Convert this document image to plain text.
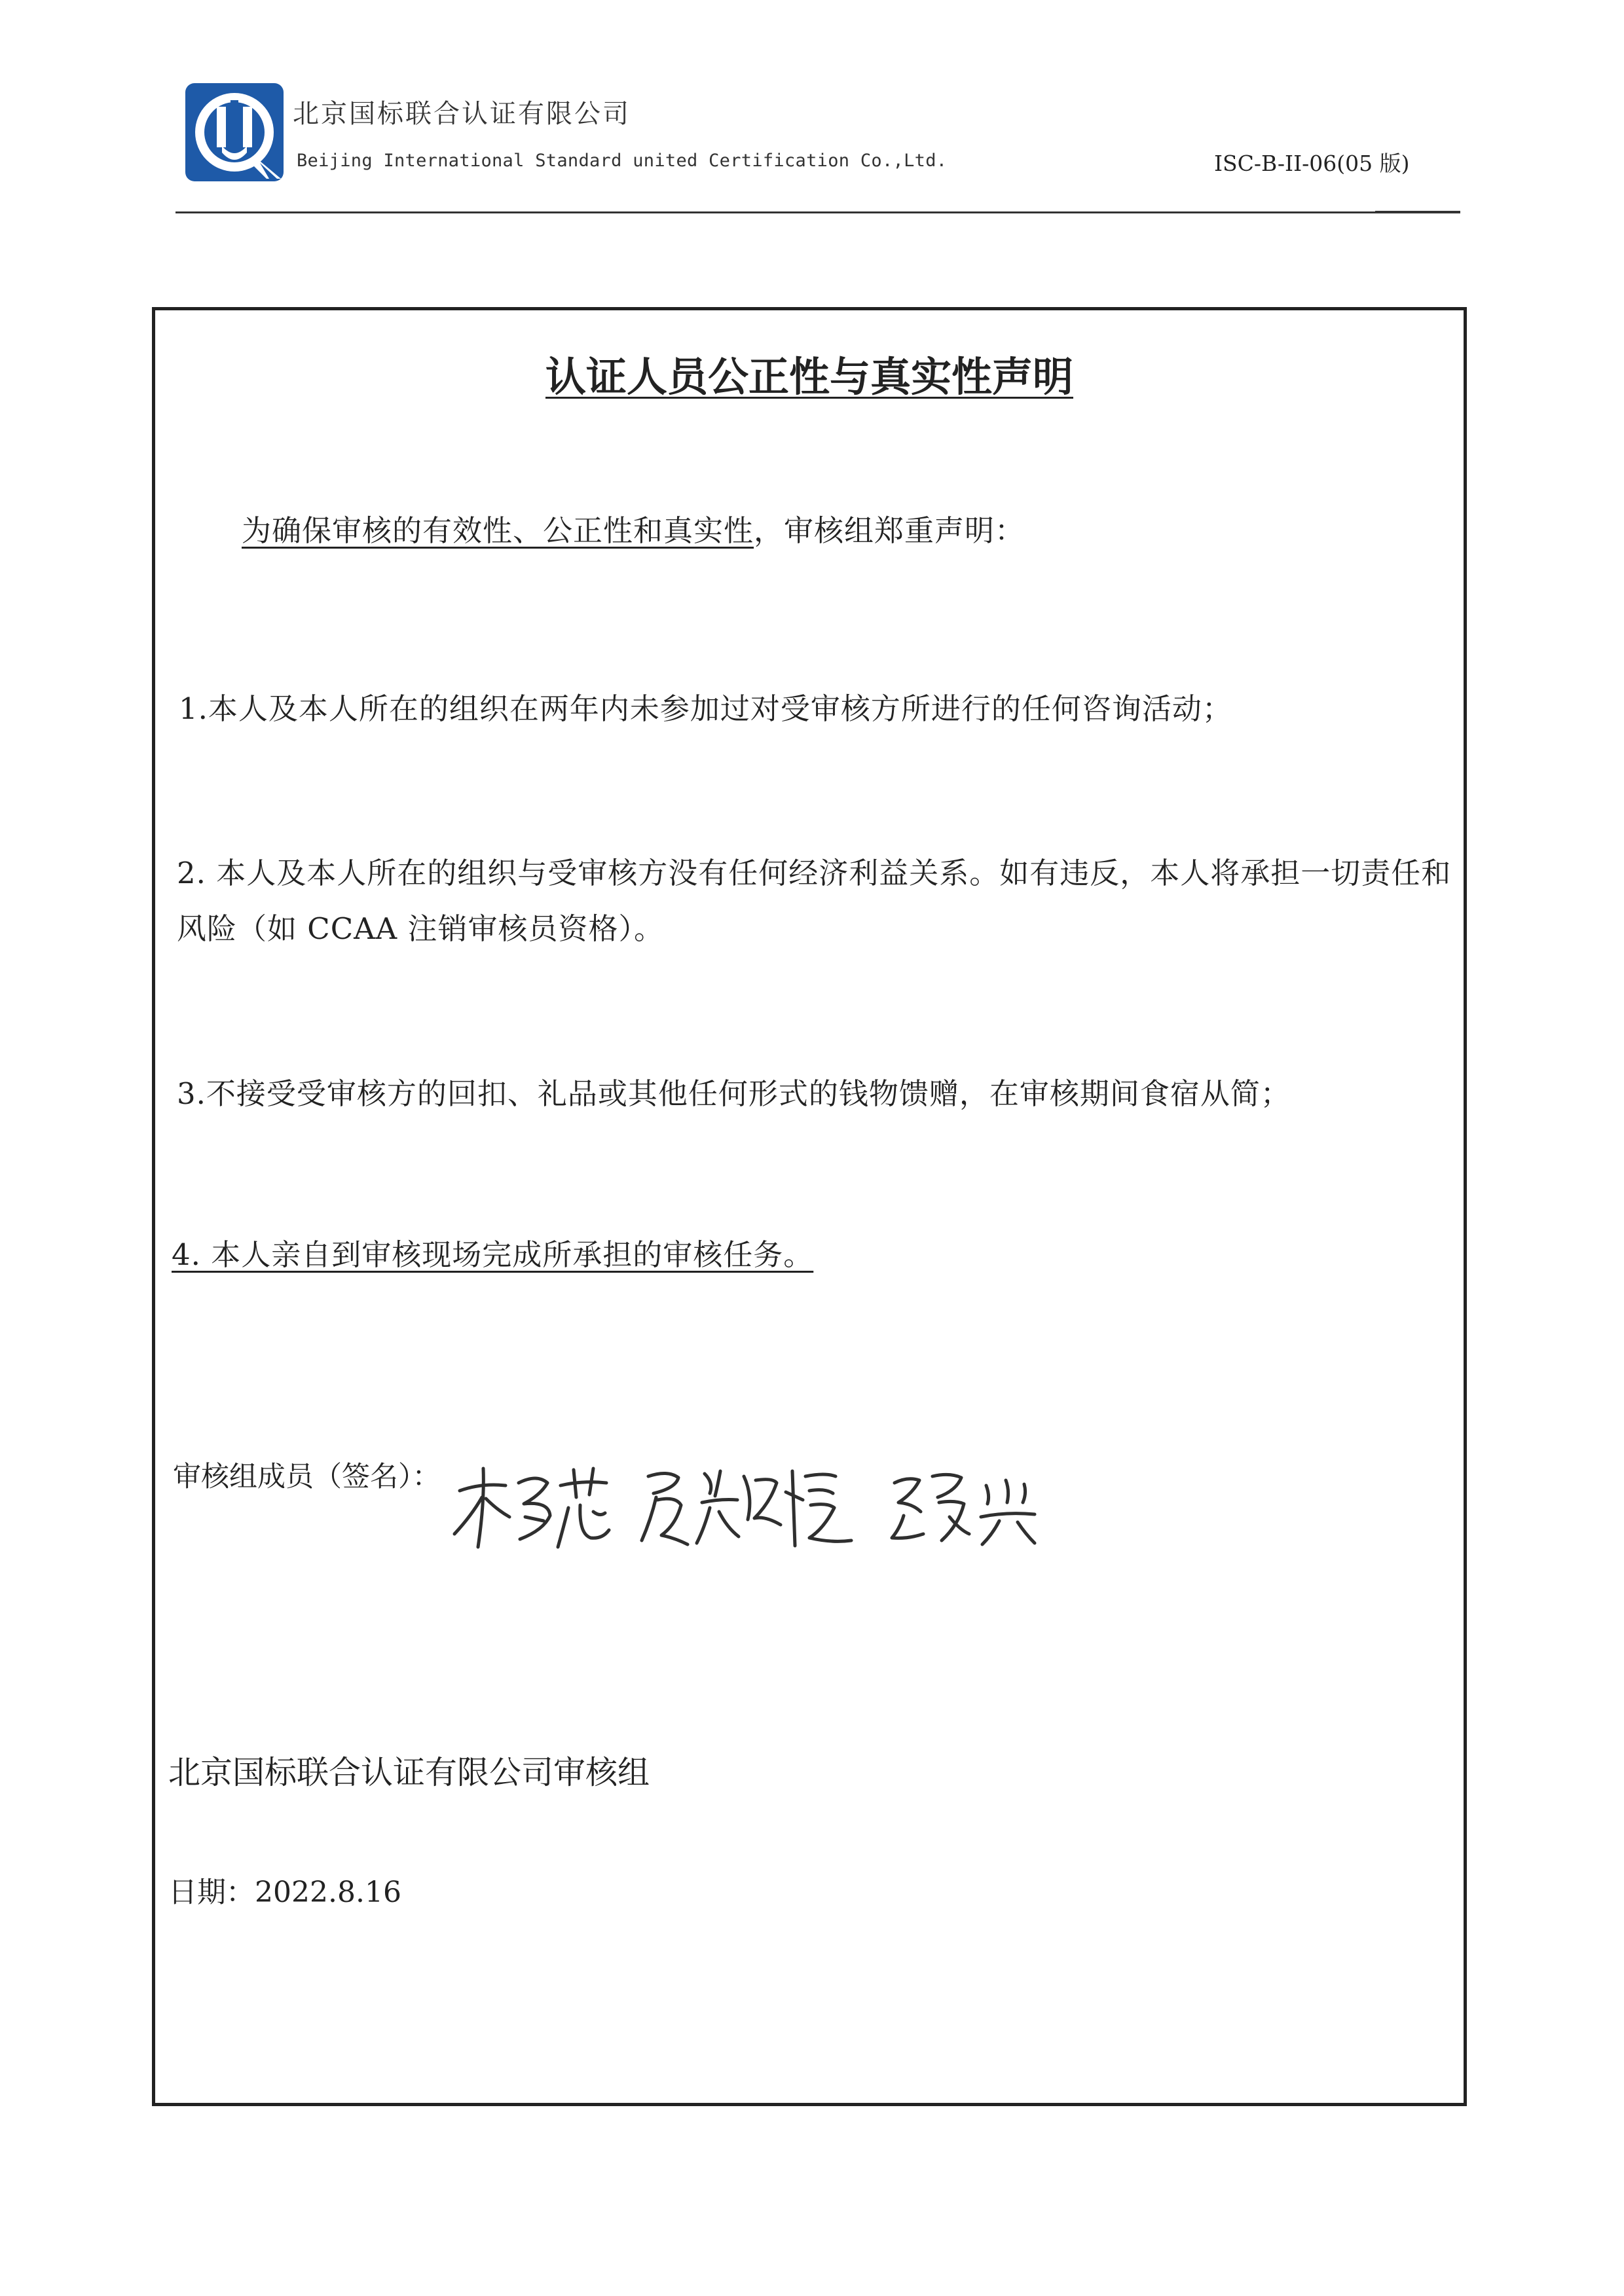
北京国标联合认证有限公司
Beijing International Standard united Certification Co.,Ltd.	ISC-B-II-06(05 版)
认证人员公正性与真实性声明
为确保审核的有效性、公正性和真实性，审核组郑重声明：
1.本人及本人所在的组织在两年内未参加过对受审核方所进行的任何咨询活动；
2. 本人及本人所在的组织与受审核方没有任何经济利益关系。如有违反，本人将承担一切责任和
风险（如 CCAA 注销审核员资格）。
3.不接受受审核方的回扣、礼品或其他任何形式的钱物馈赠，在审核期间食宿从简；
4. 本人亲自到审核现场完成所承担的审核任务。
审核组成员（签名）：
北京国标联合认证有限公司审核组
日期：2022.8.16
